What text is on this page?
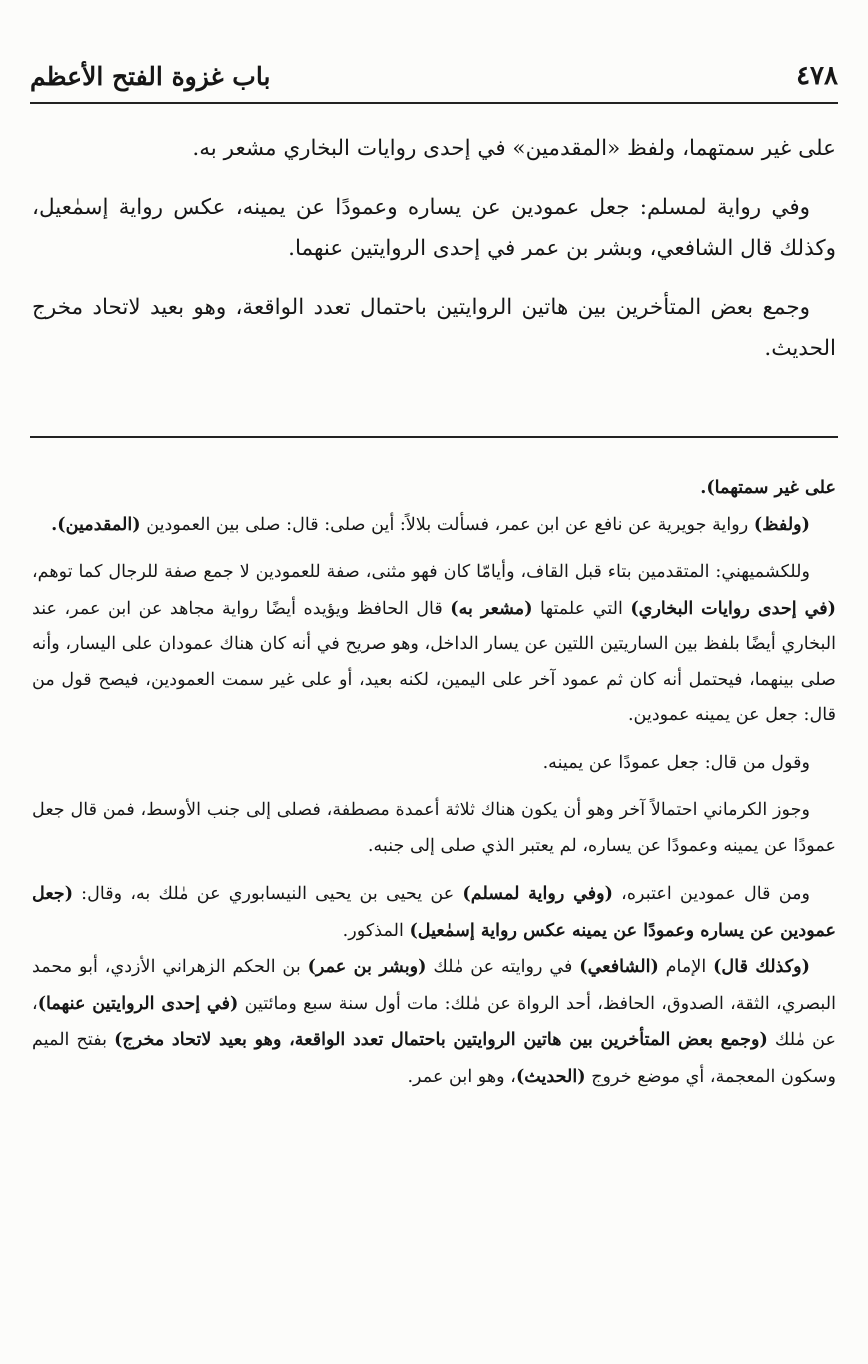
٤٧٨
باب غزوة الفتح الأعظم

على غير سمتهما، ولفظ «المقدمين» في إحدى روايات البخاري مشعر به.

وفي رواية لمسلم: جعل عمودين عن يساره وعمودًا عن يمينه، عكس رواية إسمٰعيل، وكذلك قال الشافعي، وبشر بن عمر في إحدى الروايتين عنهما.

وجمع بعض المتأخرين بين هاتين الروايتين باحتمال تعدد الواقعة، وهو بعيد لاتحاد مخرج الحديث.

على غير سمتهما).

(ولفظ) رواية جويرية عن نافع عن ابن عمر، فسألت بلالاً: أين صلى: قال: صلى بين العمودين (المقدمين).

وللكشميهني: المتقدمين بتاء قبل القاف، وأيامّا كان فهو مثنى، صفة للعمودين لا جمع صفة للرجال كما توهم، (في إحدى روايات البخاري) التي علمتها (مشعر به) قال الحافظ ويؤيده أيضًا رواية مجاهد عن ابن عمر، عند البخاري أيضًا بلفظ بين الساريتين اللتين عن يسار الداخل، وهو صريح في أنه كان هناك عمودان على اليسار، وأنه صلى بينهما، فيحتمل أنه كان ثم عمود آخر على اليمين، لكنه بعيد، أو على غير سمت العمودين، فيصح قول من قال: جعل عن يمينه عمودين.

وقول من قال: جعل عمودًا عن يمينه.

وجوز الكرماني احتمالاً آخر وهو أن يكون هناك ثلاثة أعمدة مصطفة، فصلى إلى جنب الأوسط، فمن قال جعل عمودًا عن يمينه وعمودًا عن يساره، لم يعتبر الذي صلى إلى جنبه.

ومن قال عمودين اعتبره، (وفي رواية لمسلم) عن يحيى بن يحيى النيسابوري عن مٰلك به، وقال: (جعل عمودين عن يساره وعمودًا عن يمينه عكس رواية إسمٰعيل) المذكور.

(وكذلك قال) الإمام (الشافعي) في روايته عن مٰلك (وبشر بن عمر) بن الحكم الزهراني الأزدي، أبو محمد البصري، الثقة، الصدوق، الحافظ، أحد الرواة عن مٰلك: مات أول سنة سبع ومائتين (في إحدى الروايتين عنهما)، عن مٰلك (وجمع بعض المتأخرين بين هاتين الروايتين باحتمال تعدد الواقعة، وهو بعيد لاتحاد مخرج) بفتح الميم وسكون المعجمة، أي موضع خروج (الحديث)، وهو ابن عمر.
